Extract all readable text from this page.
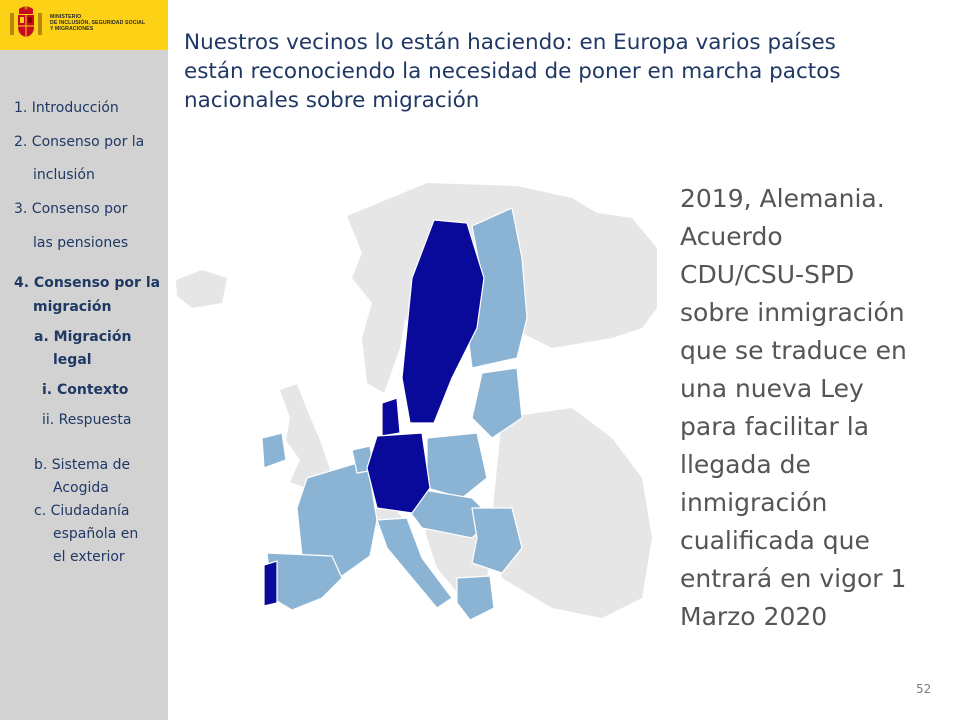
MINISTERIO
DE INCLUSIÓN, SEGURIDAD SOCIAL
Y MIGRACIONES
1. Introducción
2. Consenso por la
inclusión
3. Consenso por
las pensiones
4. Consenso por la
migración
a. Migración
legal
i. Contexto
ii. Respuesta
b. Sistema de
Acogida
c. Ciudadanía
española en
el exterior
Nuestros vecinos lo están haciendo: en Europa varios países
están reconociendo la necesidad de poner en marcha pactos
nacionales sobre migración
2019, Alemania.
Acuerdo
CDU/CSU-SPD
sobre inmigración
que se traduce en
una nueva Ley
para facilitar la
llegada de
inmigración
cualificada que
entrará en vigor 1
Marzo 2020
52
